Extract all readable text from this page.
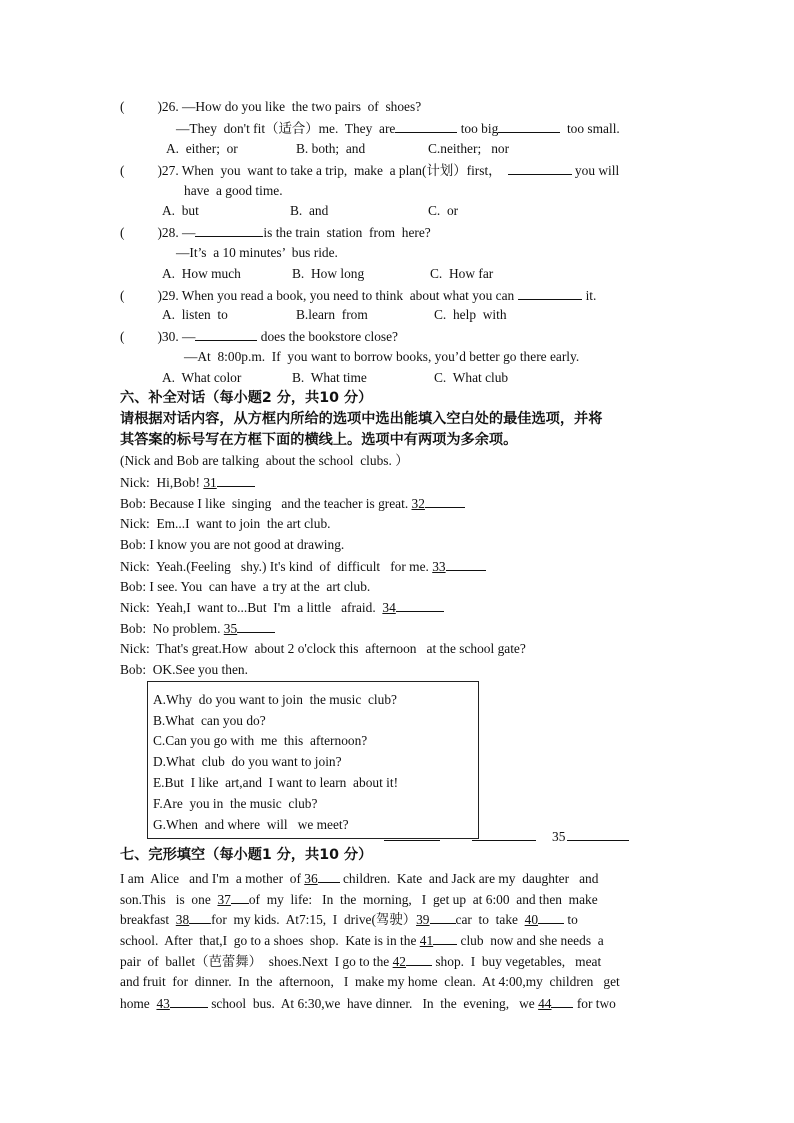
( )26. —How do you like  the two pairs  of  shoes?
—They  don't fit（适合）me.  They  are	too big	too small.
A.  either;  or	B. both;  and	C.neither;   nor
( )27. When  you  want to take a trip,  make  a plan(计划）first，	you will
have  a good time.
A.  but	B.  and	C.  or
( )28. —	is the train  station  from  here?
—It’s  a 10 minutes’  bus ride.
A.  How much	B.  How long	C.  How far
( )29. When you read a book, you need to think  about what you can	it.
A.  listen  to	B.learn  from	C.  help  with
( )30. —	does the bookstore close?
—At  8:00p.m.  If  you want to borrow books, you’d better go there early.
A.  What color	B.  What time	C.  What club
六、补全对话（每小题2 分，共10 分）
请根据对话内容，从方框内所给的选项中选出能填入空白处的最佳选项，并将
其答案的标号写在方框下面的横线上。选项中有两项为多余项。
(Nick and Bob are talking  about the school  clubs. ）
Nick:  Hi,Bob! 31
Bob: Because I like  singing   and the teacher is great. 32
Nick:  Em...I  want to join  the art club.
Bob: I know you are not good at drawing.
Nick:  Yeah.(Feeling   shy.) It's kind  of  difficult   for me. 33
Bob: I see. You  can have  a try at the  art club.
Nick:  Yeah,I  want to...But  I'm  a little   afraid.  34
Bob:  No problem. 35
Nick:  That's great.How  about 2 o'clock this  afternoon   at the school gate?
Bob:  OK.See you then.
A.Why  do you want to join  the music  club?
B.What  can you do?
C.Can you go with  me  this  afternoon?
D.What  club  do you want to join?
E.But  I like  art,and  I want to learn  about it!
F.Are  you in  the music  club?
G.When  and where  will   we meet?
35
七、完形填空（每小题1 分，共10 分）
I am  Alice   and I'm  a mother  of 36 children.  Kate  and Jack are my  daughter   and
son.This   is  one  37 of  my  life:   In  the  morning,   I  get up  at 6:00  and then  make
breakfast  38 for  my kids.  At7:15,  I  drive(驾驶）39 car  to  take  40 to
school.  After  that,I  go to a shoes  shop.  Kate is in the 41 club  now and she needs  a
pair  of  ballet（芭蕾舞）  shoes.Next  I go to the 42 shop.  I  buy vegetables,   meat
and fruit  for  dinner.  In  the  afternoon,   I  make my home  clean.  At 4:00,my  children   get
home  43	school  bus.  At 6:30,we  have dinner.   In  the  evening,   we 44 for two
